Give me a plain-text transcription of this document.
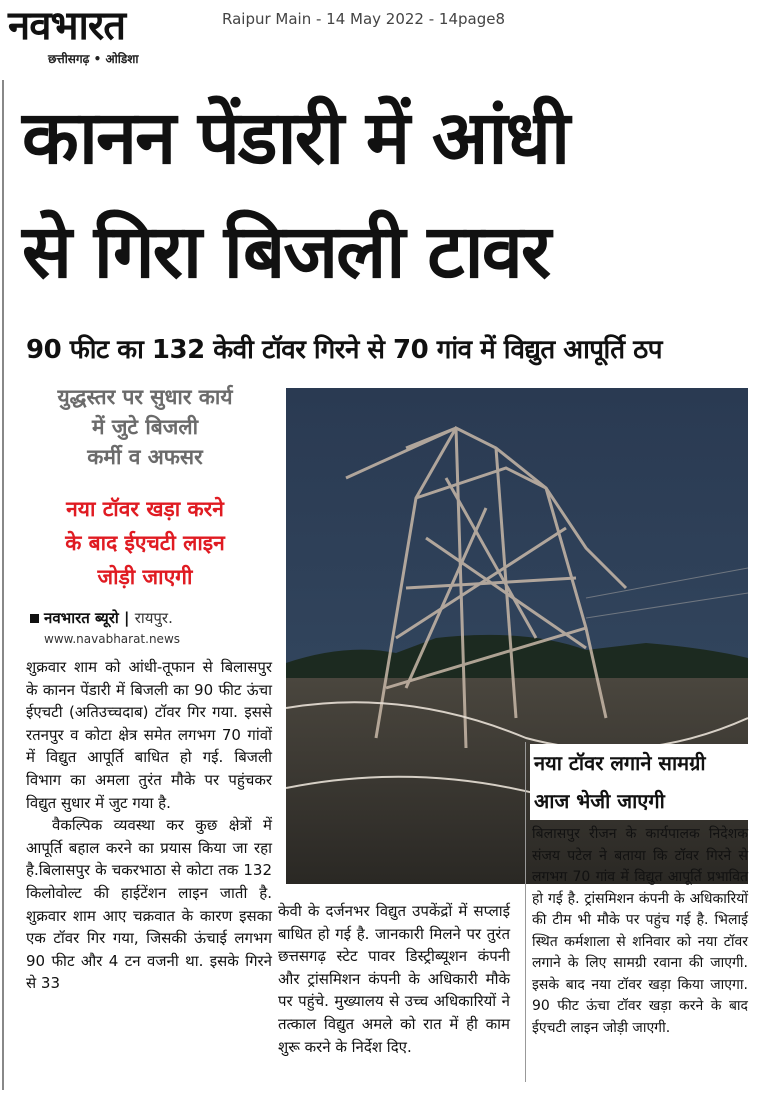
नवभारत
छत्तीसगढ़ • ओडिशा
Raipur Main - 14 May 2022 - 14page8
कानन पेंडारी में आंधी
से गिरा बिजली टावर
90 फीट का 132 केवी टॉवर गिरने से 70 गांव में विद्युत आपूर्ति ठप
युद्धस्तर पर सुधार कार्य
में जुटे बिजली
कर्मी व अफसर
नया टॉवर खड़ा करने
के बाद ईएचटी लाइन
जोड़ी जाएगी
नवभारत ब्यूरो | रायपुर.
www.navabharat.news

शुक्रवार शाम को आंधी-तूफान से बिलासपुर के कानन पेंडारी में बिजली का 90 फीट ऊंचा ईएचटी (अतिउच्चदाब) टॉवर गिर गया. इससे रतनपुर व कोटा क्षेत्र समेत लगभग 70 गांवों में विद्युत आपूर्ति बाधित हो गई. बिजली विभाग का अमला तुरंत मौके पर पहुंचकर विद्युत सुधार में जुट गया है.

वैकल्पिक व्यवस्था कर कुछ क्षेत्रों में आपूर्ति बहाल करने का प्रयास किया जा रहा है.बिलासपुर के चकरभाठा से कोटा तक 132 किलोवोल्ट की हाईटेंशन लाइन जाती है. शुक्रवार शाम आए चक्रवात के कारण इसका एक टॉवर गिर गया, जिसकी ऊंचाई लगभग 90 फीट और 4 टन वजनी था. इसके गिरने से 33

नया टॉवर लगाने सामग्री
आज भेजी जाएगी
बिलासपुर रीजन के कार्यपालक निदेशक संजय पटेल ने बताया कि टॉवर गिरने से लगभग 70 गांव में विद्युत आपूर्ति प्रभावित हो गई है. ट्रांसमिशन कंपनी के अधिकारियों की टीम भी मौके पर पहुंच गई है. भिलाई स्थित कर्मशाला से शनिवार को नया टॉवर लगाने के लिए सामग्री रवाना की जाएगी. इसके बाद नया टॉवर खड़ा किया जाएगा. 90 फीट ऊंचा टॉवर खड़ा करने के बाद ईएचटी लाइन जोड़ी जाएगी.
केवी के दर्जनभर विद्युत उपकेंद्रों में सप्लाई बाधित हो गई है. जानकारी मिलने पर तुरंत छत्तसगढ़ स्टेट पावर डिस्ट्रीब्यूशन कंपनी और ट्रांसमिशन कंपनी के अधिकारी मौके पर पहुंचे. मुख्यालय से उच्च अधिकारियों ने तत्काल विद्युत अमले को रात में ही काम शुरू करने के निर्देश दिए.
